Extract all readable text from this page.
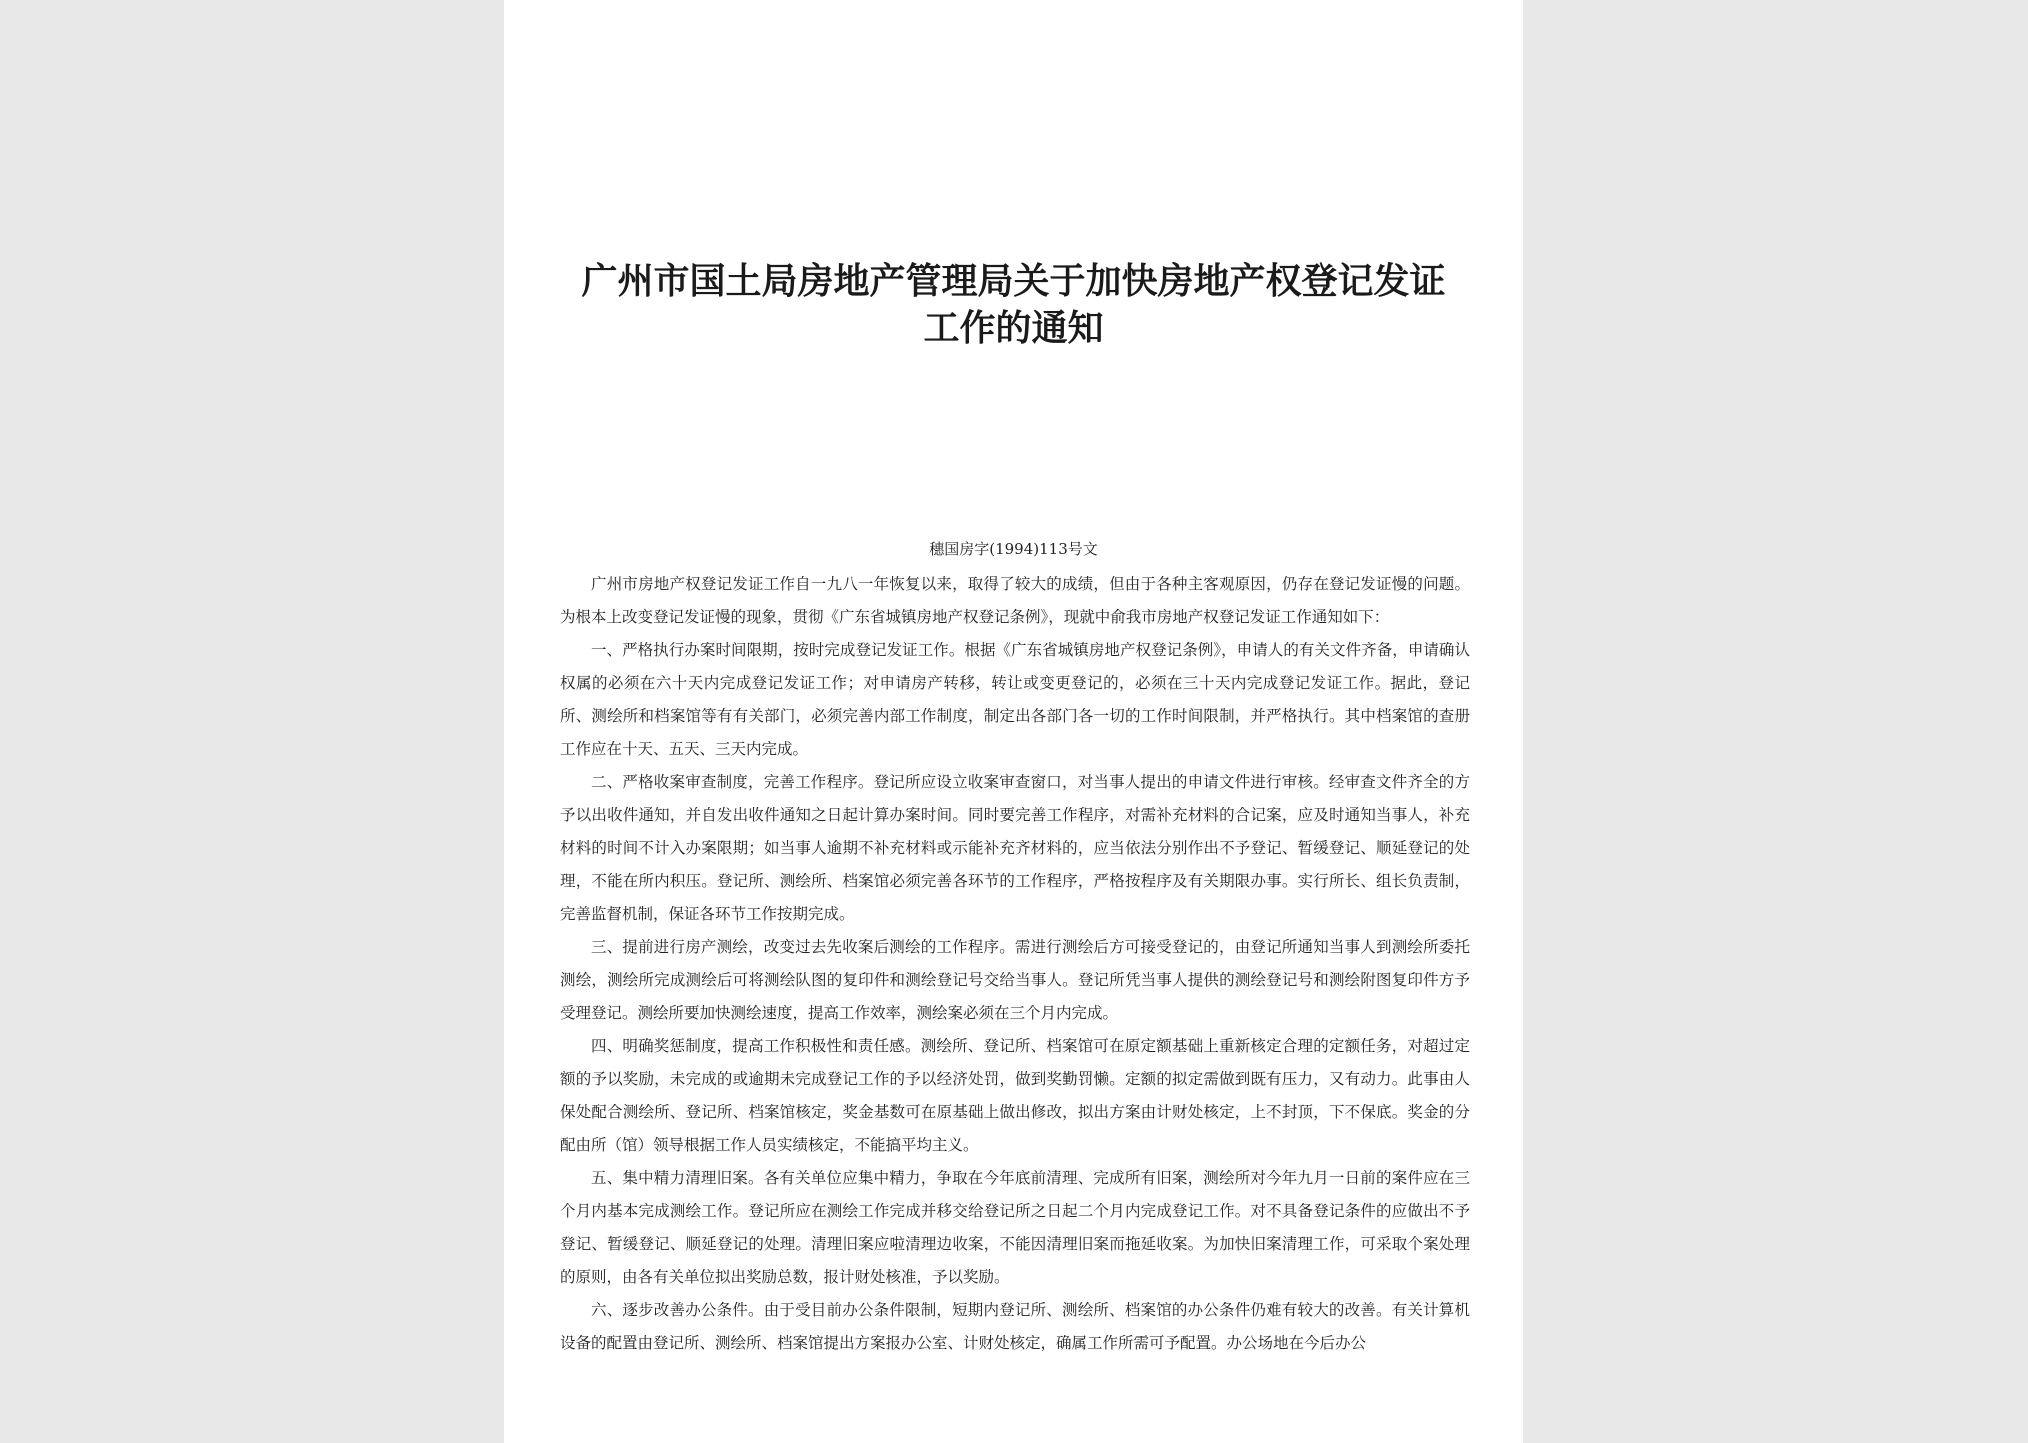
广州市国土局房地产管理局关于加快房地产权登记发证
工作的通知
穗国房字(1994)113号文

广州市房地产权登记发证工作自一九八一年恢复以来，取得了较大的成绩，但由于各种主客观原因，仍存在登记发证慢的问题。为根本上改变登记发证慢的现象，贯彻《广东省城镇房地产权登记条例》，现就中俞我市房地产权登记发证工作通知如下：

一、严格执行办案时间限期，按时完成登记发证工作。根据《广东省城镇房地产权登记条例》，申请人的有关文件齐备，申请确认权属的必须在六十天内完成登记发证工作；对申请房产转移，转让或变更登记的，必须在三十天内完成登记发证工作。据此，登记所、测绘所和档案馆等有有关部门，必须完善内部工作制度，制定出各部门各一切的工作时间限制，并严格执行。其中档案馆的查册工作应在十天、五天、三天内完成。

二、严格收案审查制度，完善工作程序。登记所应设立收案审查窗口，对当事人提出的申请文件进行审核。经审查文件齐全的方予以出收件通知，并自发出收件通知之日起计算办案时间。同时要完善工作程序，对需补充材料的合记案，应及时通知当事人，补充材料的时间不计入办案限期；如当事人逾期不补充材料或示能补充齐材料的，应当依法分别作出不予登记、暂缓登记、顺延登记的处理，不能在所内积压。登记所、测绘所、档案馆必须完善各环节的工作程序，严格按程序及有关期限办事。实行所长、组长负责制，完善监督机制，保证各环节工作按期完成。

三、提前进行房产测绘，改变过去先收案后测绘的工作程序。需进行测绘后方可接受登记的，由登记所通知当事人到测绘所委托测绘，测绘所完成测绘后可将测绘队图的复印件和测绘登记号交给当事人。登记所凭当事人提供的测绘登记号和测绘附图复印件方予受理登记。测绘所要加快测绘速度，提高工作效率，测绘案必须在三个月内完成。

四、明确奖惩制度，提高工作积极性和责任感。测绘所、登记所、档案馆可在原定额基础上重新核定合理的定额任务，对超过定额的予以奖励，未完成的或逾期未完成登记工作的予以经济处罚，做到奖勤罚懒。定额的拟定需做到既有压力，又有动力。此事由人保处配合测绘所、登记所、档案馆核定，奖金基数可在原基础上做出修改，拟出方案由计财处核定，上不封顶，下不保底。奖金的分配由所（馆）领导根据工作人员实绩核定，不能搞平均主义。

五、集中精力清理旧案。各有关单位应集中精力，争取在今年底前清理、完成所有旧案，测绘所对今年九月一日前的案件应在三个月内基本完成测绘工作。登记所应在测绘工作完成并移交给登记所之日起二个月内完成登记工作。对不具备登记条件的应做出不予登记、暂缓登记、顺延登记的处理。清理旧案应啦清理边收案，不能因清理旧案而拖延收案。为加快旧案清理工作，可采取个案处理的原则，由各有关单位拟出奖励总数，报计财处核准，予以奖励。

六、逐步改善办公条件。由于受目前办公条件限制，短期内登记所、测绘所、档案馆的办公条件仍难有较大的改善。有关计算机设备的配置由登记所、测绘所、档案馆提出方案报办公室、计财处核定，确属工作所需可予配置。办公场地在今后办公
